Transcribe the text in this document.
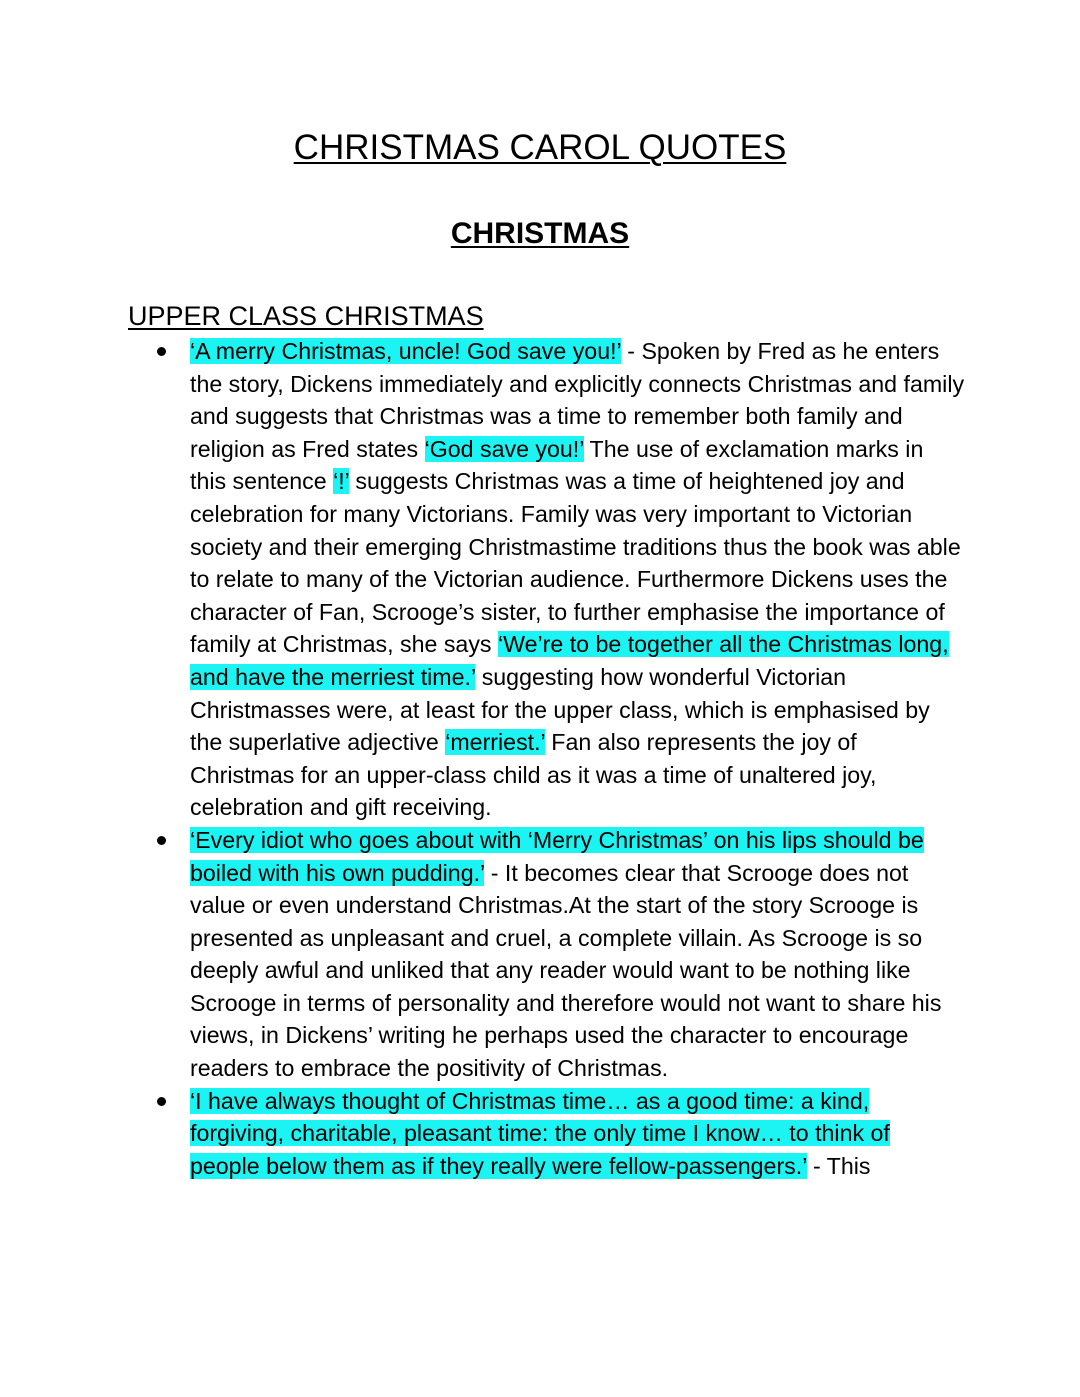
CHRISTMAS CAROL QUOTES
CHRISTMAS
UPPER CLASS CHRISTMAS
‘A merry Christmas, uncle! God save you!’ - Spoken by Fred as he enters the story, Dickens immediately and explicitly connects Christmas and family and suggests that Christmas was a time to remember both family and religion as Fred states ‘God save you!’ The use of exclamation marks in this sentence ‘!’ suggests Christmas was a time of heightened joy and celebration for many Victorians. Family was very important to Victorian society and their emerging Christmastime traditions thus the book was able to relate to many of the Victorian audience. Furthermore Dickens uses the character of Fan, Scrooge’s sister, to further emphasise the importance of family at Christmas, she says ‘We’re to be together all the Christmas long, and have the merriest time.’ suggesting how wonderful Victorian Christmasses were, at least for the upper class, which is emphasised by the superlative adjective ‘merriest.’ Fan also represents the joy of Christmas for an upper-class child as it was a time of unaltered joy, celebration and gift receiving.
‘Every idiot who goes about with ‘Merry Christmas’ on his lips should be boiled with his own pudding.’ - It becomes clear that Scrooge does not value or even understand Christmas.At the start of the story Scrooge is presented as unpleasant and cruel, a complete villain. As Scrooge is so deeply awful and unliked that any reader would want to be nothing like Scrooge in terms of personality and therefore would not want to share his views, in Dickens’ writing he perhaps used the character to encourage readers to embrace the positivity of Christmas.
‘I have always thought of Christmas time… as a good time: a kind, forgiving, charitable, pleasant time: the only time I know… to think of people below them as if they really were fellow-passengers.’ - This
